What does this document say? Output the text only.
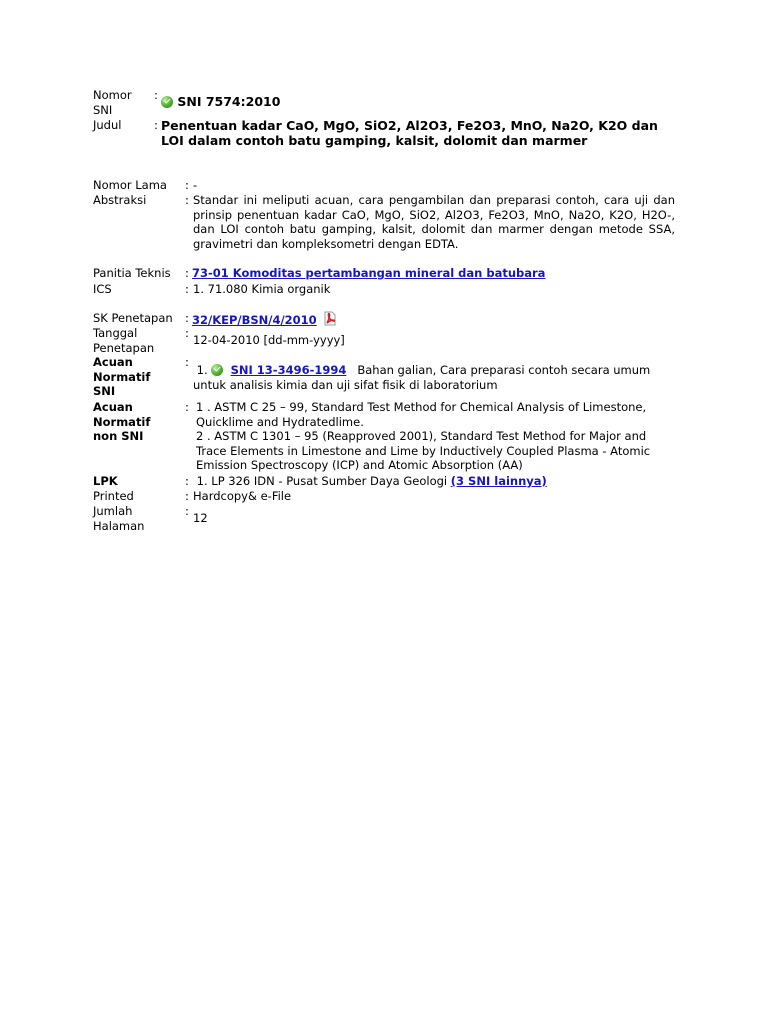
Nomor SNI
:	SNI 7574:2010
Judul	: Penentuan kadar CaO, MgO, SiO2, Al2O3, Fe2O3, MnO, Na2O, K2O dan LOI dalam contoh batu gamping, kalsit, dolomit dan marmer
Nomor Lama : -
Abstraksi	: Standar ini meliputi acuan, cara pengambilan dan preparasi contoh, cara uji dan prinsip penentuan kadar CaO, MgO, SiO2, Al2O3, Fe2O3, MnO, Na2O, K2O, H2O-, dan LOI contoh batu gamping, kalsit, dolomit dan marmer dengan metode SSA, gravimetri dan kompleksometri dengan EDTA.
Panitia Teknis : 73-01 Komoditas pertambangan mineral dan batubara
ICS	: 1. 71.080 Kimia organik
SK Penetapan : 32/KEP/BSN/4/2010
Tanggal Penetapan
: 12-04-2010 [dd-mm-yyyy]
Acuan Normatif SNI
:
1. SNI 13-3496-1994 Bahan galian, Cara preparasi contoh secara umum untuk analisis kimia dan uji sifat fisik di laboratorium
Acuan Normatif non SNI
: 1 . ASTM C 25 – 99, Standard Test Method for Chemical Analysis of Limestone, Quicklime and Hydratedlime.
2 . ASTM C 1301 – 95 (Reapproved 2001), Standard Test Method for Major and Trace Elements in Limestone and Lime by Inductively Coupled Plasma - Atomic Emission Spectroscopy (ICP) and Atomic Absorption (AA)
LPK	: 1. LP 326 IDN - Pusat Sumber Daya Geologi (3 SNI lainnya)
Printed	: Hardcopy& e-File
Jumlah Halaman
: 12
